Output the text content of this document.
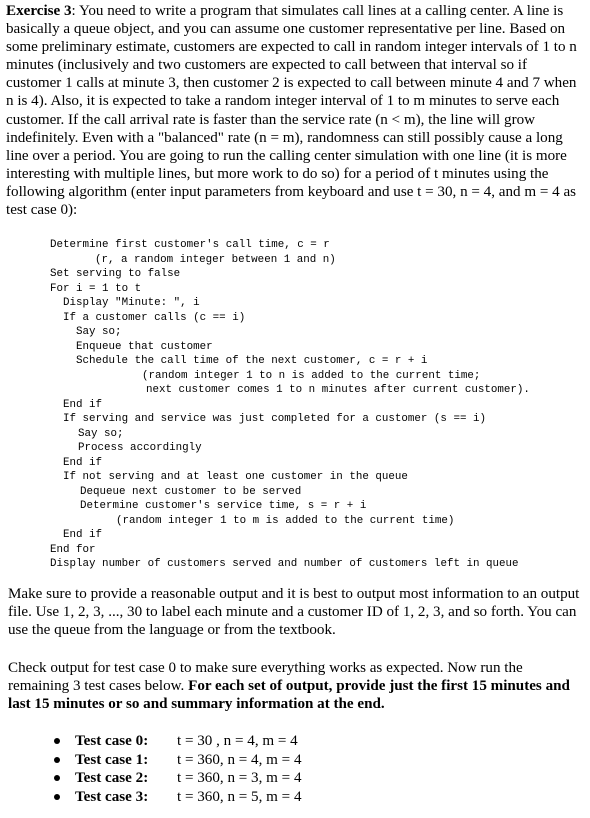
Exercise 3: You need to write a program that simulates call lines at a calling center. A line is basically a queue object, and you can assume one customer representative per line. Based on some preliminary estimate, customers are expected to call in random integer intervals of 1 to n minutes (inclusively and two customers are expected to call between that interval so if customer 1 calls at minute 3, then customer 2 is expected to call between minute 4 and 7 when n is 4). Also, it is expected to take a random integer interval of 1 to m minutes to serve each customer. If the call arrival rate is faster than the service rate (n < m), the line will grow indefinitely. Even with a "balanced" rate (n = m), randomness can still possibly cause a long line over a period. You are going to run the calling center simulation with one line (it is more interesting with multiple lines, but more work to do so) for a period of t minutes using the following algorithm (enter input parameters from keyboard and use t = 30, n = 4, and m = 4 as test case 0):

Determine first customer's call time, c = r
(r, a random integer between 1 and n)
Set serving to false
For i = 1 to t
Display "Minute: ", i
If a customer calls (c == i)
Say so;
Enqueue that customer
Schedule the call time of the next customer, c = r + i
(random integer 1 to n is added to the current time;
next customer comes 1 to n minutes after current customer).
End if
If serving and service was just completed for a customer (s == i)
Say so;
Process accordingly
End if
If not serving and at least one customer in the queue
Dequeue next customer to be served
Determine customer's service time, s = r + i
(random integer 1 to m is added to the current time)
End if
End for
Display number of customers served and number of customers left in queue

Make sure to provide a reasonable output and it is best to output most information to an output file. Use 1, 2, 3, ..., 30 to label each minute and a customer ID of 1, 2, 3, and so forth. You can use the queue from the language or from the textbook.

Check output for test case 0 to make sure everything works as expected. Now run the remaining 3 test cases below. For each set of output, provide just the first 15 minutes and last 15 minutes or so and summary information at the end.

Test case 0: t = 30 , n = 4, m = 4
Test case 1: t = 360, n = 4, m = 4
Test case 2: t = 360, n = 3, m = 4
Test case 3: t = 360, n = 5, m = 4
